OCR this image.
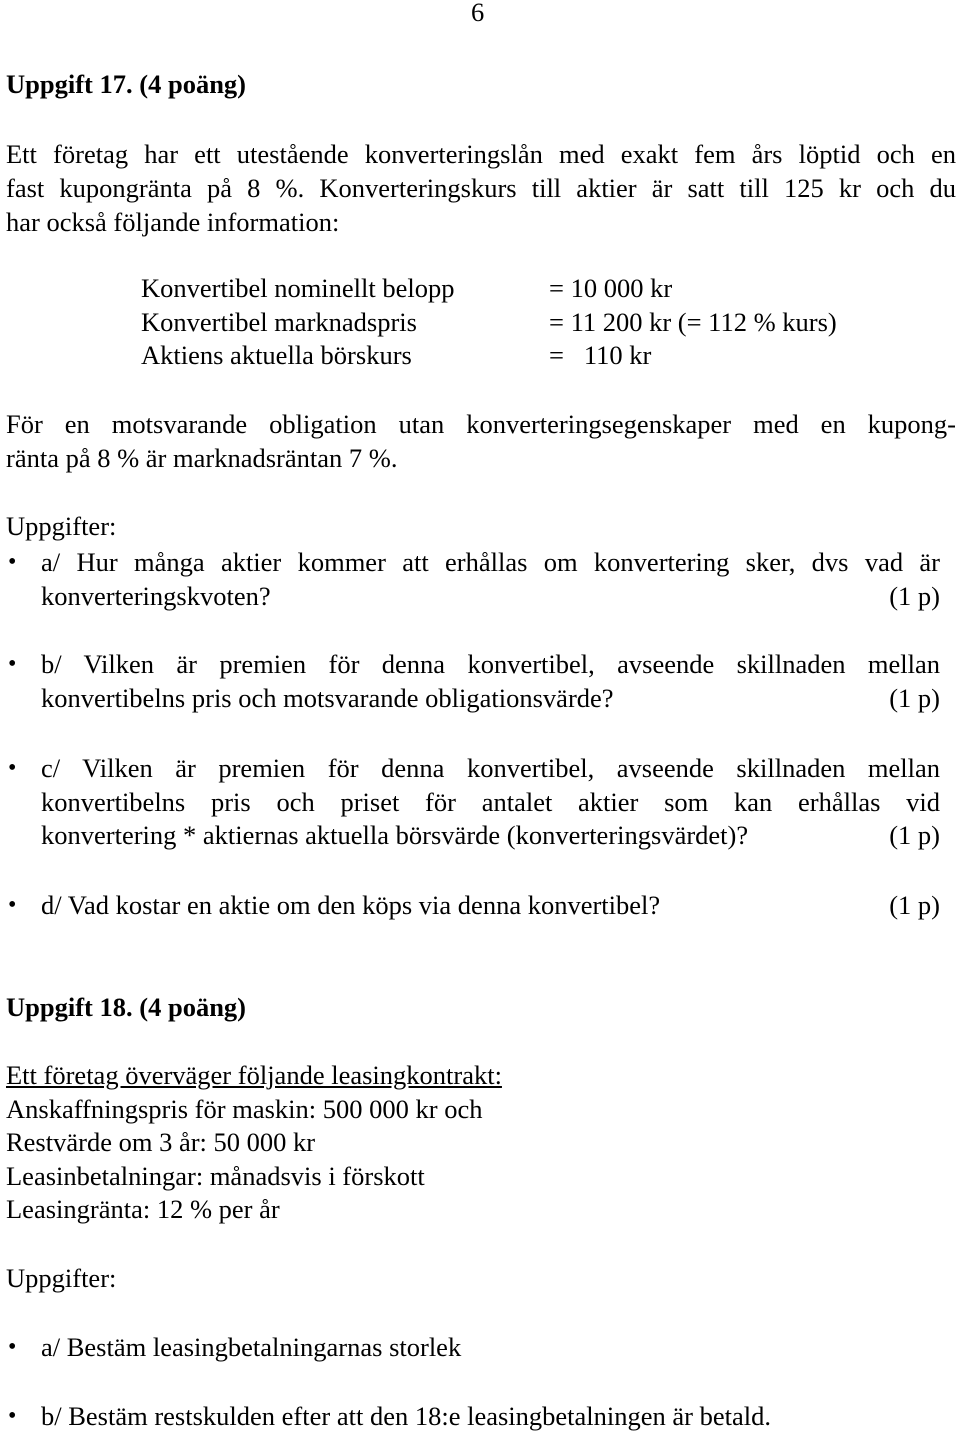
6
Uppgift 17. (4 poäng)
Ett företag har ett utestående konverteringslån med exakt fem års löptid och en
fast kupongränta på 8 %. Konverteringskurs till aktier är satt till 125 kr och du
har också följande information:
Konvertibel nominellt belopp	= 10 000 kr
Konvertibel marknadspris	= 11 200 kr (= 112 % kurs)
Aktiens aktuella börskurs	=   110 kr
För en motsvarande obligation utan konverteringsegenskaper med en kupong-
ränta på 8 % är marknadsräntan 7 %.
Uppgifter:
• a/ Hur många aktier kommer att erhållas om konvertering sker, dvs vad är
konverteringskvoten?	(1 p)
• b/ Vilken är premien för denna konvertibel, avseende skillnaden mellan
konvertibelns pris och motsvarande obligationsvärde?	(1 p)
• c/ Vilken är premien för denna konvertibel, avseende skillnaden mellan
konvertibelns pris och priset för antalet aktier som kan erhållas vid
konvertering * aktiernas aktuella börsvärde (konverteringsvärdet)?	(1 p)
• d/ Vad kostar en aktie om den köps via denna konvertibel?	(1 p)
Uppgift 18. (4 poäng)
Ett företag överväger följande leasingkontrakt:
Anskaffningspris för maskin: 500 000 kr och
Restvärde om 3 år: 50 000 kr
Leasinbetalningar: månadsvis i förskott
Leasingränta: 12 % per år
Uppgifter:
• a/ Bestäm leasingbetalningarnas storlek
• b/ Bestäm restskulden efter att den 18:e leasingbetalningen är betald.
